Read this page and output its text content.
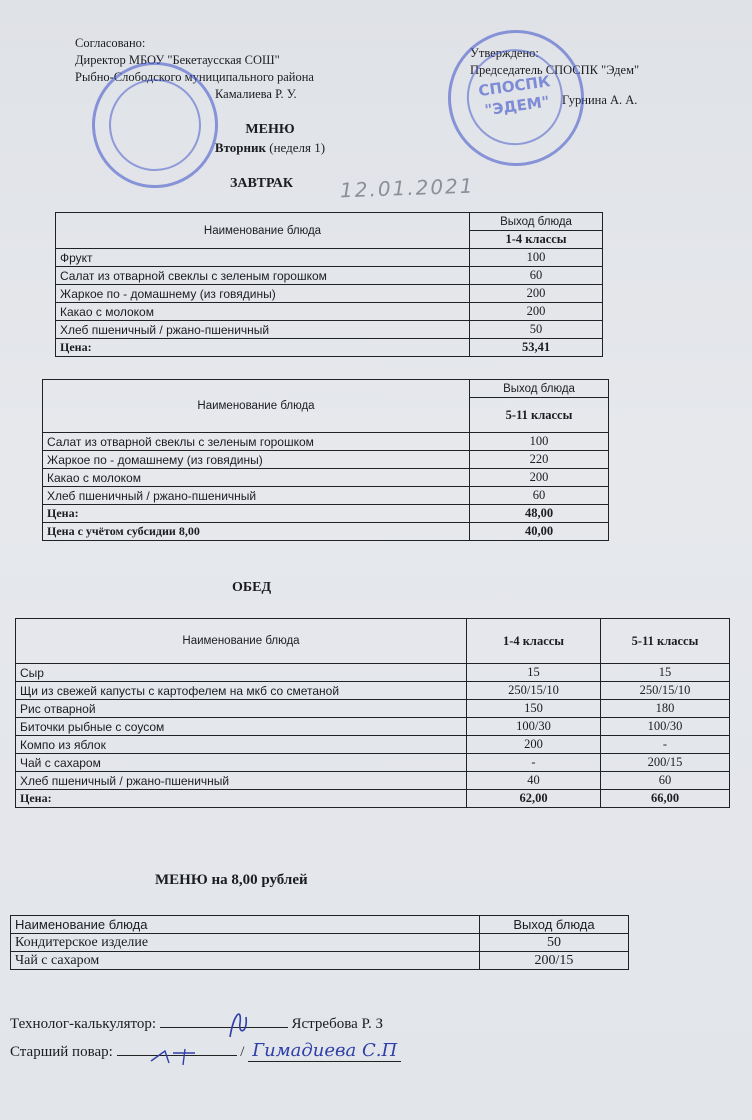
Согласовано:
Директор МБОУ "Бекетаусская СОШ"
Рыбно-Слободского муниципального района
Камалиева Р. У.
Утверждено:
Председатель СПОСПК "Эдем"
Гурнина А. А.
СПОСПК
"ЭДЕМ"
МЕНЮ
Вторник (неделя 1)
ЗАВТРАК 12.01.2021
Наименование блюда	Выход блюда
	1-4 классы
Фрукт	100
Салат из отварной свеклы с зеленым горошком	60
Жаркое по - домашнему (из говядины)	200
Какао с молоком	200
Хлеб пшеничный / ржано-пшеничный	50
Цена:	53,41
Наименование блюда	Выход блюда
	5-11 классы
Салат из отварной свеклы с зеленым горошком	100
Жаркое по - домашнему (из говядины)	220
Какао с молоком	200
Хлеб пшеничный / ржано-пшеничный	60
Цена:	48,00
Цена с учётом субсидии 8,00	40,00
ОБЕД
Наименование блюда	1-4 классы	5-11 классы
Сыр	15	15
Щи из свежей капусты с картофелем на мкб со сметаной	250/15/10	250/15/10
Рис отварной	150	180
Биточки рыбные с соусом	100/30	100/30
Компо из яблок	200	-
Чай с сахаром	-	200/15
Хлеб пшеничный / ржано-пшеничный	40	60
Цена:	62,00	66,00
МЕНЮ на 8,00 рублей
Наименование блюда	Выход блюда
Кондитерское изделие	50
Чай с сахаром	200/15
Технолог-калькулятор:	Ястребова Р. З
Старший повар:	/ Гимадиева С.П
